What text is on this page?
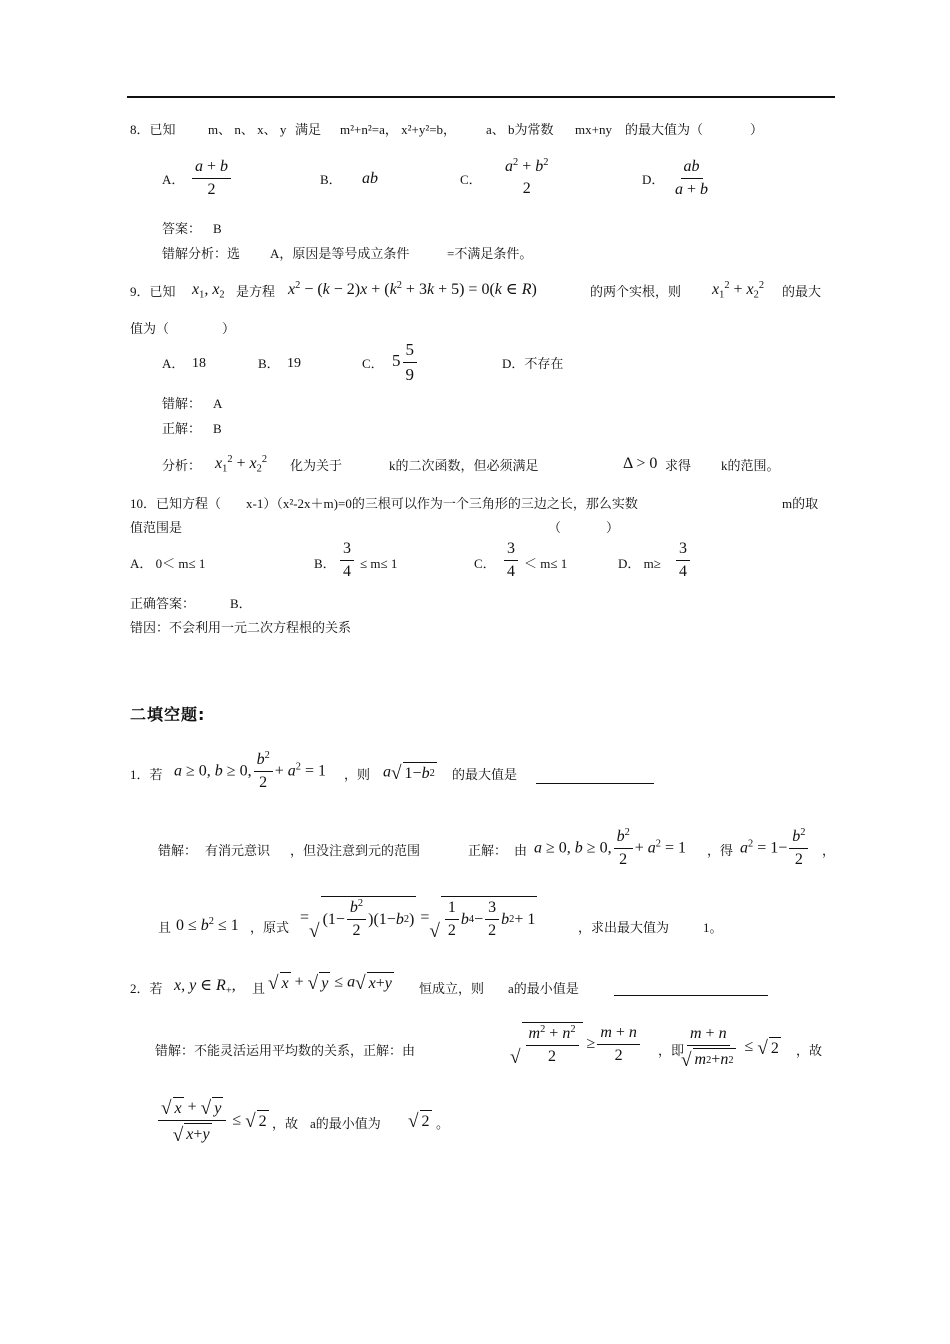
8．已知 m、 n、 x、 y 满足 m²+n²=a， x²+y²=b， a、 b为常数 mx+ny 的最大值为（	）
A． $\frac{a + b}{2}$	B． ab	C．
$a^2 + b^2$
2
D． $\frac{ab}{a + b}$
答案： B
错解分析：选 A，原因是等号成立条件	=不满足条件。
9．已知 $x_1$, $x_2$ 是方程 $x^2 - (k - 2)x + (k^2 + 3k + 5) = 0(k$ ∈ R)	的两个实根，则 $x_1^2 + x_2^2$ 的最大
值为（	）
A． 18	B． 19	C． $5 \frac{5}{9}$	D．不存在
错解： A
正解： B
分析： $x_1^2 + x_2^2$ 化为关于	k的二次函数，但必须满足	Δ > 0 求得 k的范围。
10．已知方程（ x-1）（x²-2x＋m)=0的三根可以作为一个三角形的三边之长，那么实数	m的取
值范围是	（	）
A． 0＜ m≤ 1	B． $\frac{3}{4} \le m\le 1$	C． $\frac{3}{4} < m\le 1$	D． $m\ge \frac{3}{4}$
正确答案：	B．
错因：不会利用一元二次方程根的关系
二填空题:
1．若 a ≥ 0, b ≥ 0, $\frac{b^2}{2} + a^2 = 1$ ，则 a √ 1− b 2 的最大值是
错解： 有消元意识 ，但没注意到元的范围	正解： 由 a ≥ 0, b ≥ 0, $\frac{b^2}{2} + a^2 = 1$ ，得 $a^2 = 1- \frac{b^2}{2}$ ，
且 $0 \le b^2 \le 1$ ，原式
=
√
$(1- \frac{b^2}{2} )(1- b$ 2 ) =
√ $\frac{1}{2}$ b $4 - \frac{3}{2}$ b 2 + 1	，求出最大值为	1。
2．若 x, y ∈ $R_+$, 且 √ x + √ y ≤ a √ x + y 恒成立，则 a的最小值是
错解：不能灵活运用平均数的关系，正解：由	√ $\frac{m^2 + n^2}{2} \ge \frac{m + n}{2}$ ，即
$\frac{m + n}{√ m 2 + n 2}$ ≤ √ 2 ，故
$\frac{√ x + √ y}{√ x + y}$ ≤ √ 2 ，故 a的最小值为 √ 2 。
